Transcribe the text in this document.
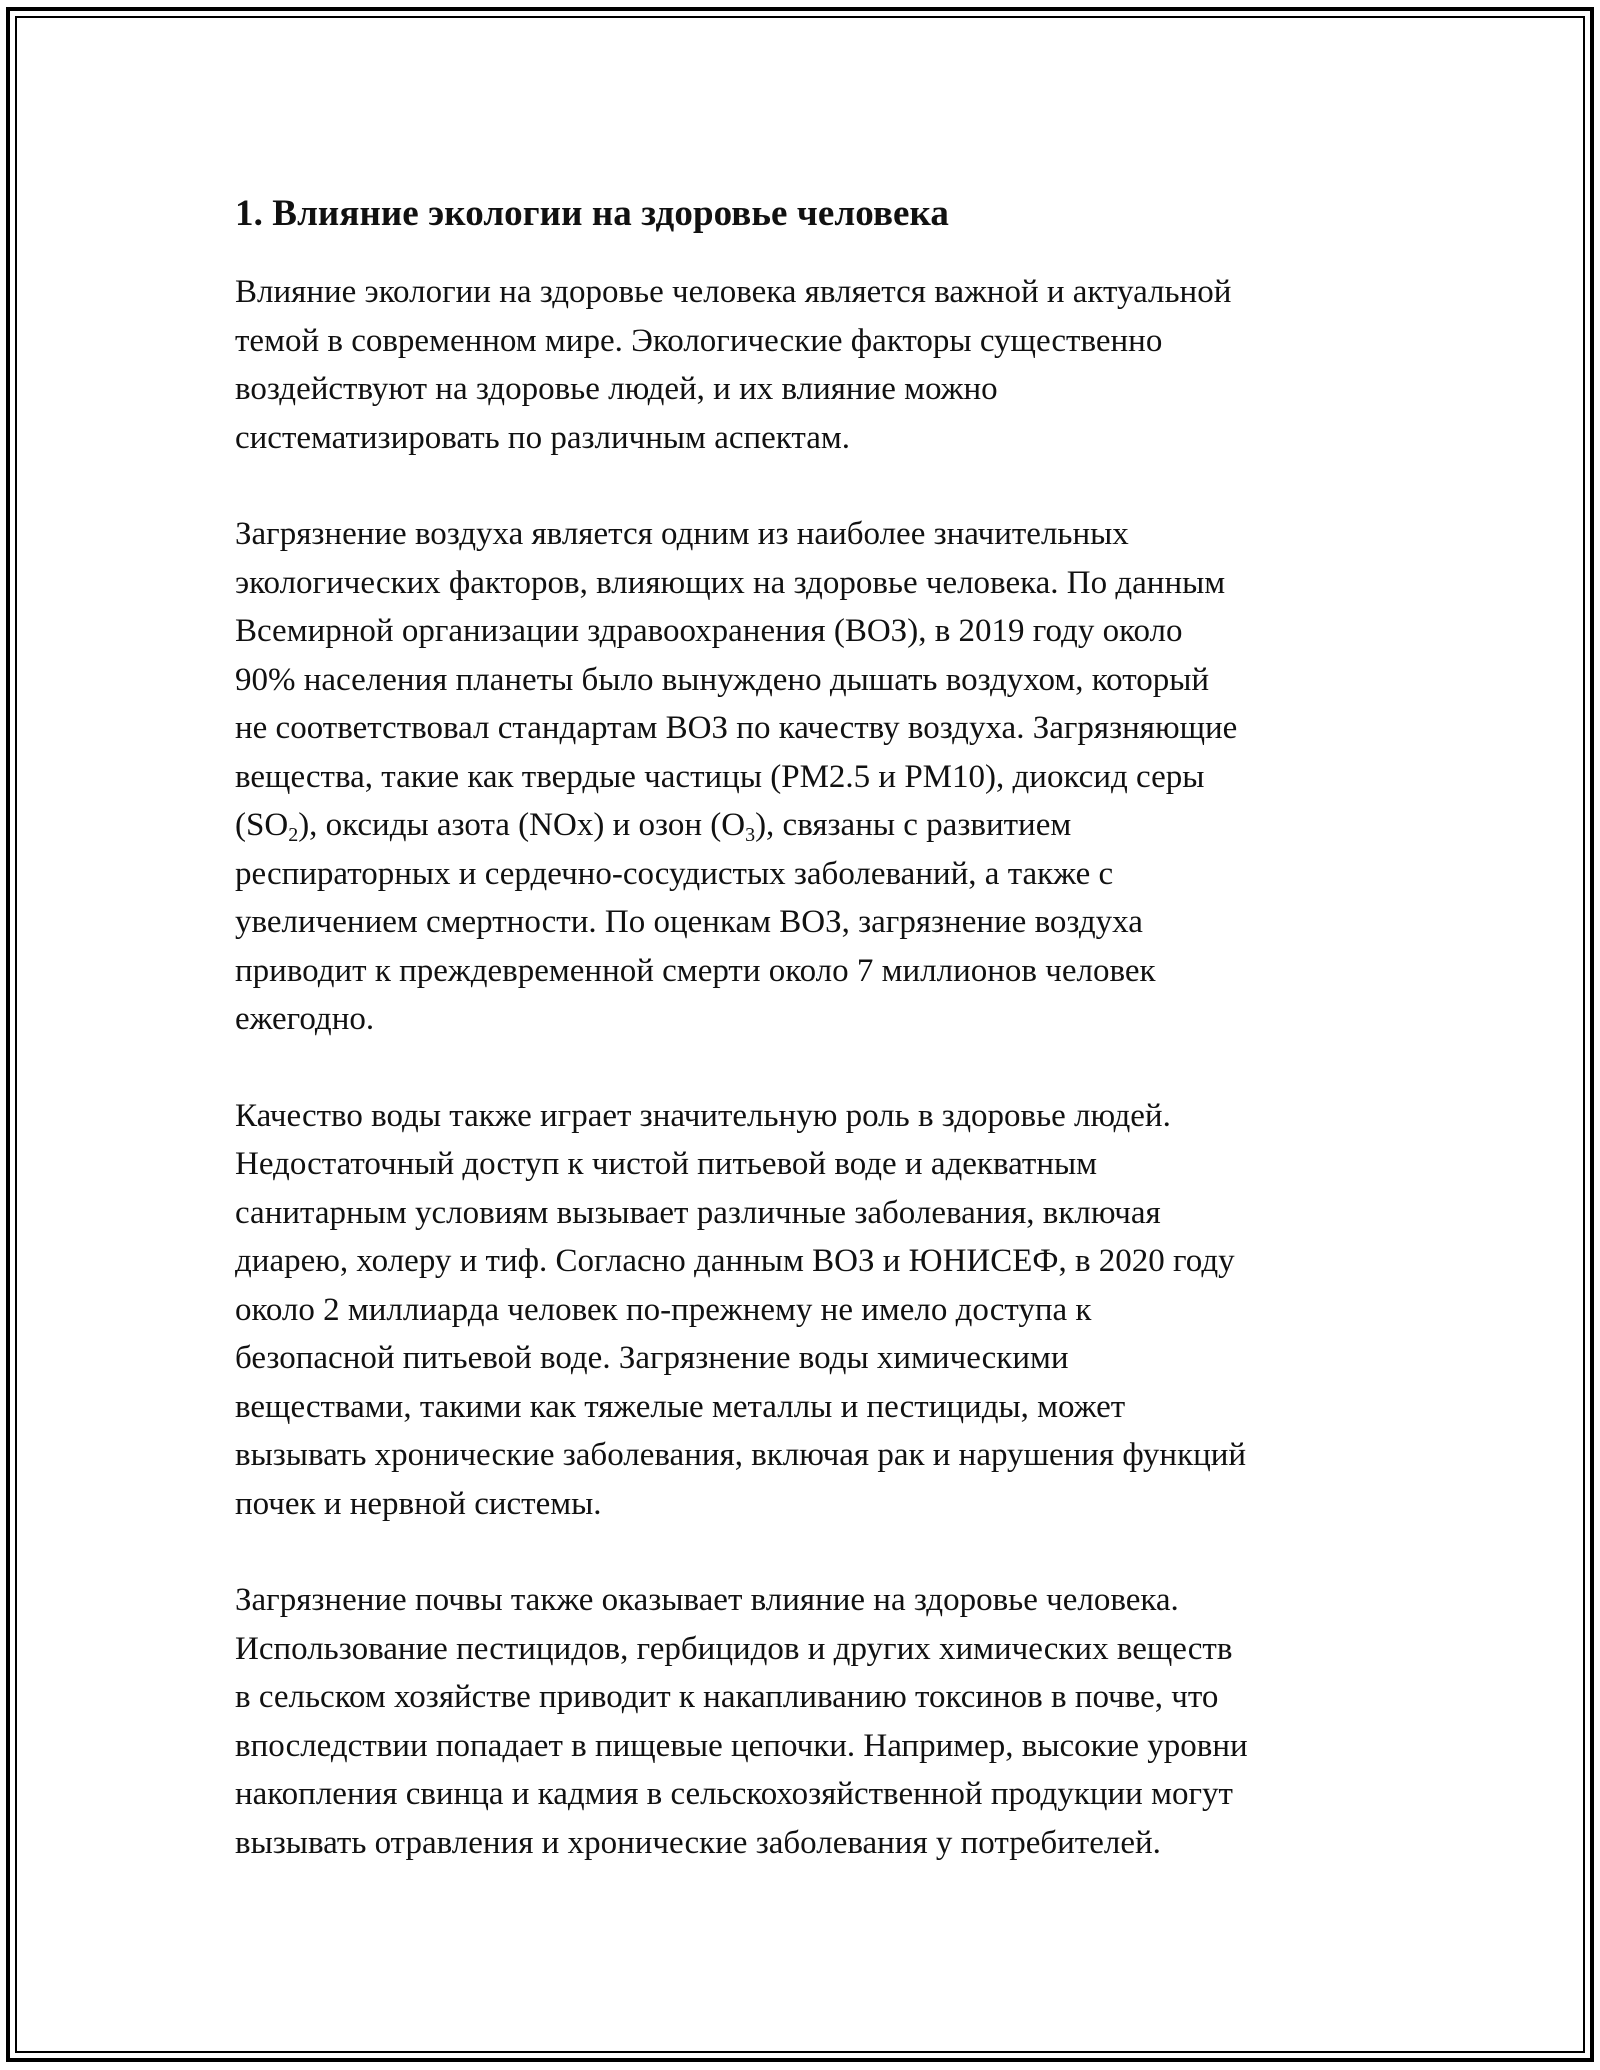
1. Влияние экологии на здоровье человека

Влияние экологии на здоровье человека является важной и актуальной
темой в современном мире. Экологические факторы существенно
воздействуют на здоровье людей, и их влияние можно
систематизировать по различным аспектам.

Загрязнение воздуха является одним из наиболее значительных
экологических факторов, влияющих на здоровье человека. По данным
Всемирной организации здравоохранения (ВОЗ), в 2019 году около
90% населения планеты было вынуждено дышать воздухом, который
не соответствовал стандартам ВОЗ по качеству воздуха. Загрязняющие
вещества, такие как твердые частицы (PM2.5 и PM10), диоксид серы
$(SO_2)$, оксиды азота (NOx) и озон $(O_3)$, связаны с развитием
респираторных и сердечно-сосудистых заболеваний, а также с
увеличением смертности. По оценкам ВОЗ, загрязнение воздуха
приводит к преждевременной смерти около 7 миллионов человек
ежегодно.

Качество воды также играет значительную роль в здоровье людей.
Недостаточный доступ к чистой питьевой воде и адекватным
санитарным условиям вызывает различные заболевания, включая
диарею, холеру и тиф. Согласно данным ВОЗ и ЮНИСЕФ, в 2020 году
около 2 миллиарда человек по-прежнему не имело доступа к
безопасной питьевой воде. Загрязнение воды химическими
веществами, такими как тяжелые металлы и пестициды, может
вызывать хронические заболевания, включая рак и нарушения функций
почек и нервной системы.

Загрязнение почвы также оказывает влияние на здоровье человека.
Использование пестицидов, гербицидов и других химических веществ
в сельском хозяйстве приводит к накапливанию токсинов в почве, что
впоследствии попадает в пищевые цепочки. Например, высокие уровни
накопления свинца и кадмия в сельскохозяйственной продукции могут
вызывать отравления и хронические заболевания у потребителей.
